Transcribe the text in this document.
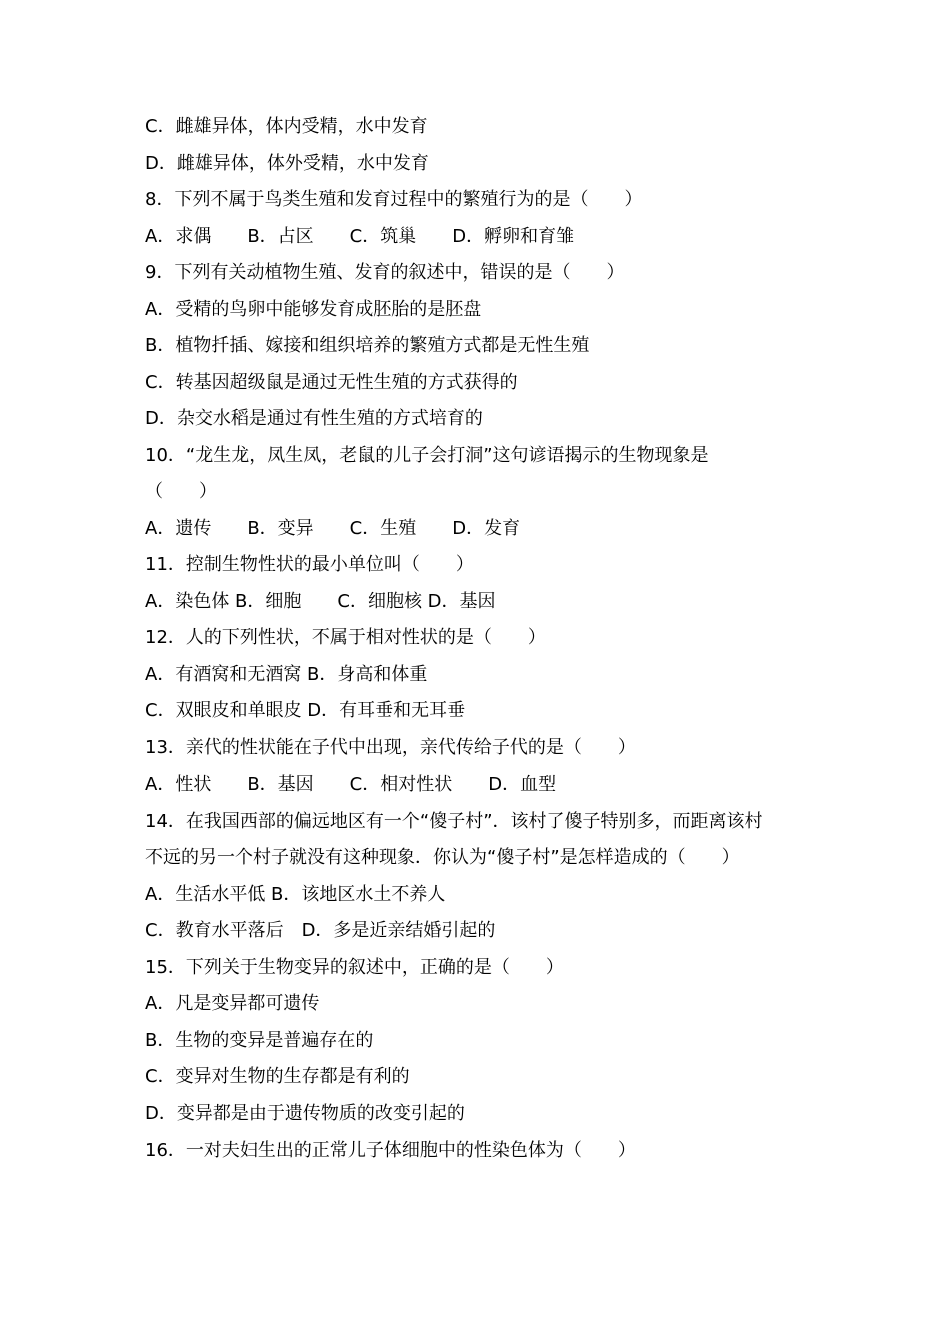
C．雌雄异体，体内受精，水中发育
D．雌雄异体，体外受精，水中发育
8．下列不属于鸟类生殖和发育过程中的繁殖行为的是（　　）
A．求偶　　B．占区　　C．筑巢　　D．孵卵和育雏
9．下列有关动植物生殖、发育的叙述中，错误的是（　　）
A．受精的鸟卵中能够发育成胚胎的是胚盘
B．植物扦插、嫁接和组织培养的繁殖方式都是无性生殖
C．转基因超级鼠是通过无性生殖的方式获得的
D．杂交水稻是通过有性生殖的方式培育的
10．“龙生龙，凤生凤，老鼠的儿子会打洞”这句谚语揭示的生物现象是
（　　）
A．遗传　　B．变异　　C．生殖　　D．发育
11．控制生物性状的最小单位叫（　　）
A．染色体 B．细胞　　C．细胞核 D．基因
12．人的下列性状，不属于相对性状的是（　　）
A．有酒窝和无酒窝 B．身高和体重
C．双眼皮和单眼皮 D．有耳垂和无耳垂
13．亲代的性状能在子代中出现，亲代传给子代的是（　　）
A．性状　　B．基因　　C．相对性状　　D．血型
14．在我国西部的偏远地区有一个“傻子村”．该村了傻子特别多，而距离该村
不远的另一个村子就没有这种现象．你认为“傻子村”是怎样造成的（　　）
A．生活水平低 B．该地区水土不养人
C．教育水平落后　D．多是近亲结婚引起的
15．下列关于生物变异的叙述中，正确的是（　　）
A．凡是变异都可遗传
B．生物的变异是普遍存在的
C．变异对生物的生存都是有利的
D．变异都是由于遗传物质的改变引起的
16．一对夫妇生出的正常儿子体细胞中的性染色体为（　　）
